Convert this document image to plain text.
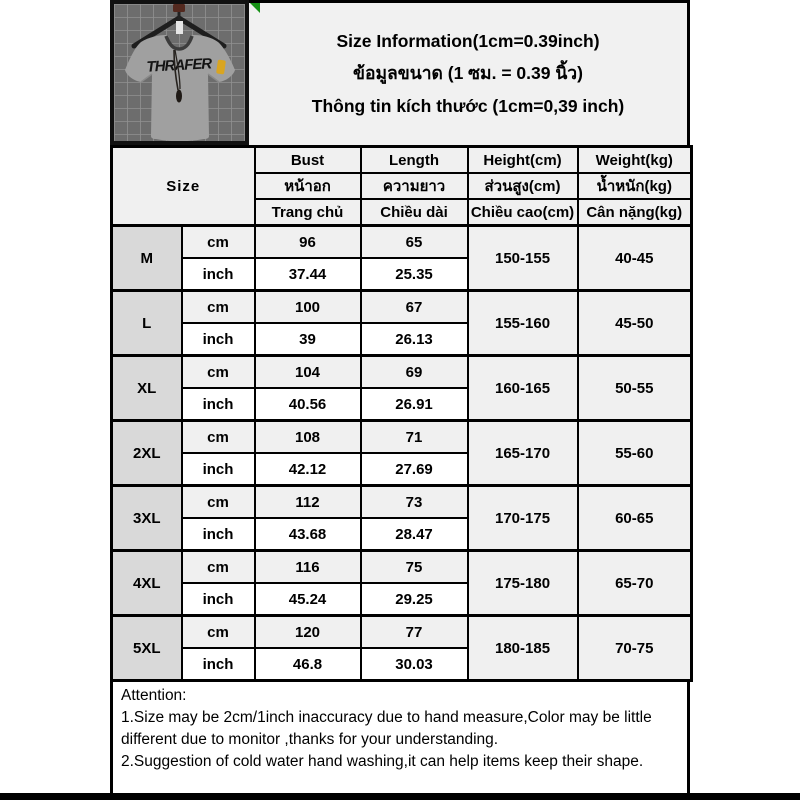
THRAFER
Size Information(1cm=0.39inch)
ข้อมูลขนาด (1 ซม. = 0.39 นิ้ว)
Thông tin kích thước (1cm=0,39 inch)
Size		Bust	Length	Height(cm)	Weight(kg)
		หน้าอก	ความยาว	ส่วนสูง(cm)	น้ำหนัก(kg)
		Trang chủ	Chiều dài	Chiều cao(cm)	Cân nặng(kg)
M	cm	96	65	150-155	40-45
	inch	37.44	25.35		
L	cm	100	67	155-160	45-50
	inch	39	26.13		
XL	cm	104	69	160-165	50-55
	inch	40.56	26.91		
2XL	cm	108	71	165-170	55-60
	inch	42.12	27.69		
3XL	cm	112	73	170-175	60-65
	inch	43.68	28.47		
4XL	cm	116	75	175-180	65-70
	inch	45.24	29.25		
5XL	cm	120	77	180-185	70-75
	inch	46.8	30.03		
Attention:
1.Size may be 2cm/1inch inaccuracy due to hand measure,Color may be little different due to monitor ,thanks for your understanding.
2.Suggestion of cold water hand washing,it can help items keep their shape.
